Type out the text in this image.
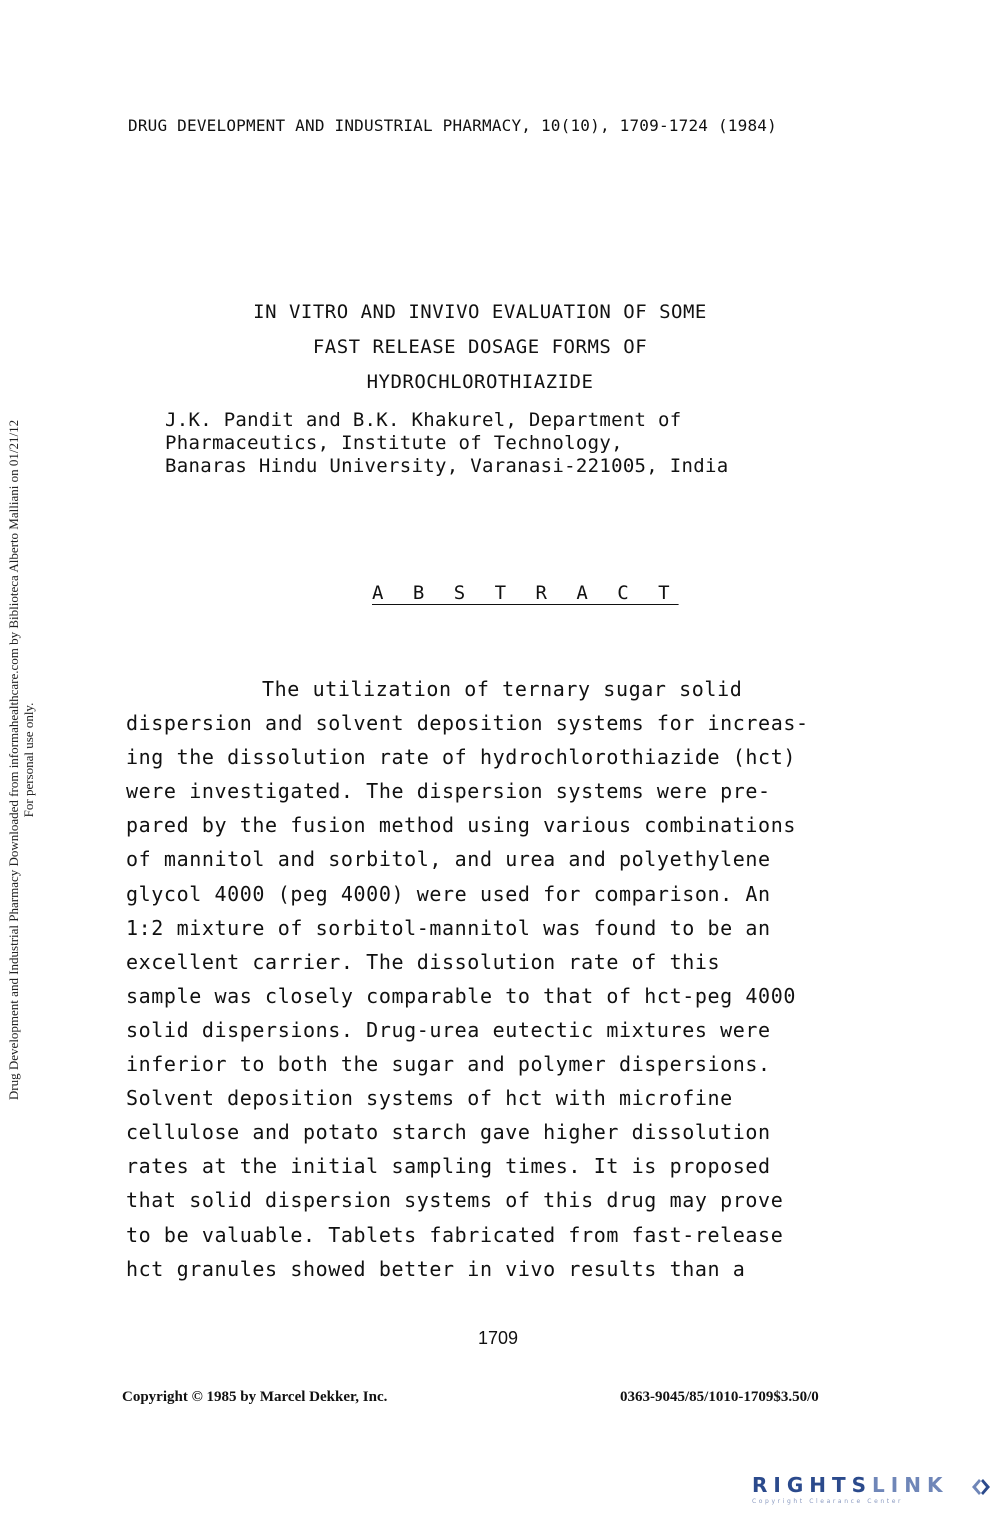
DRUG DEVELOPMENT AND INDUSTRIAL PHARMACY, 10(10), 1709-1724 (1984)
IN VITRO AND INVIVO EVALUATION OF SOME
FAST RELEASE DOSAGE FORMS OF
HYDROCHLOROTHIAZIDE
J.K. Pandit and B.K. Khakurel, Department of
Pharmaceutics, Institute of Technology,
Banaras Hindu University, Varanasi-221005, India
A B S T R A C T
The utilization of ternary sugar solid
dispersion and solvent deposition systems for increas-
ing the dissolution rate of hydrochlorothiazide (hct)
were investigated. The dispersion systems were pre-
pared by the fusion method using various combinations
of mannitol and sorbitol, and urea and polyethylene
glycol 4000 (peg 4000) were used for comparison. An
1:2 mixture of sorbitol-mannitol was found to be an
excellent carrier. The dissolution rate of this
sample was closely comparable to that of hct-peg 4000
solid dispersions. Drug-urea eutectic mixtures were
inferior to both the sugar and polymer dispersions.
Solvent deposition systems of hct with microfine
cellulose and potato starch gave higher dissolution
rates at the initial sampling times. It is proposed
that solid dispersion systems of this drug may prove
to be valuable. Tablets fabricated from fast-release
hct granules showed better in vivo results than a
1709
Copyright © 1985 by Marcel Dekker, Inc.	0363-9045/85/1010-1709$3.50/0
Drug Development and Industrial Pharmacy Downloaded from informahealthcare.com by Biblioteca Alberto Malliani on 01/21/12 For personal use only.
RIGHTSLINK
Copyright Clearance Center
